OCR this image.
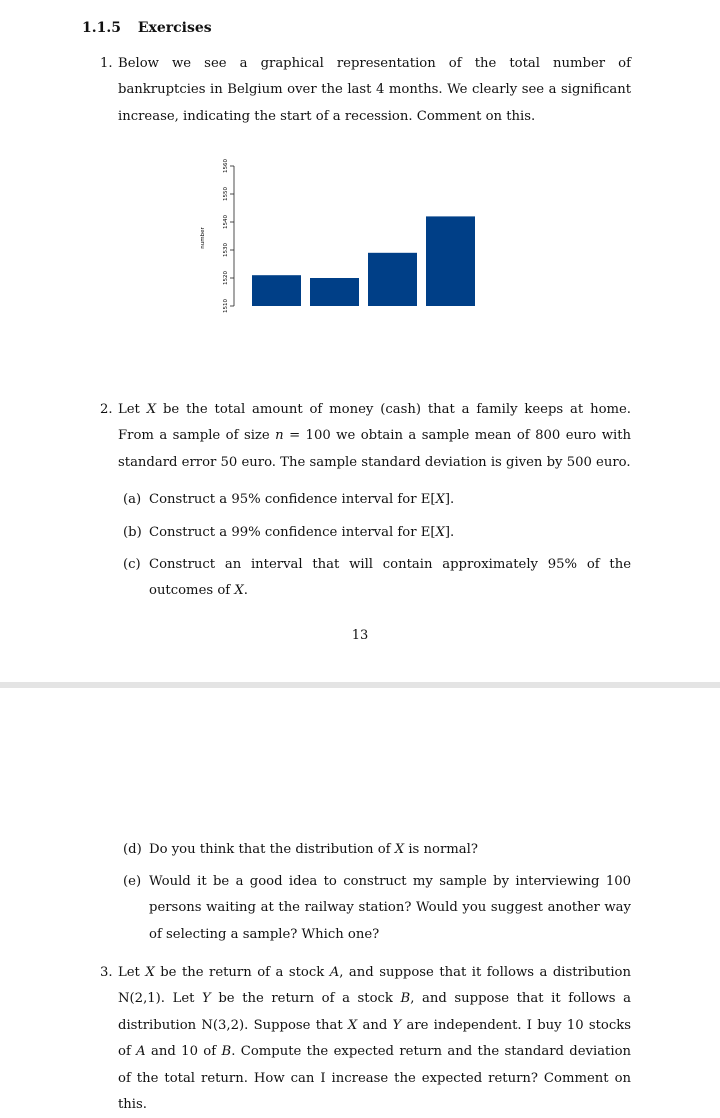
1.1.5 Exercises
1. Below we see a graphical representation of the total number of bankruptcies in Belgium over the last 4 months. We clearly see a significant increase, indicating the start of a recession. Comment on this.
number
1510
1520
1530
1540
1550
1560
2. Let X be the total amount of money (cash) that a family keeps at home. From a sample of size n = 100 we obtain a sample mean of 800 euro with standard error 50 euro. The sample standard deviation is given by 500 euro.
(a) Construct a 95% confidence interval for E[X].
(b) Construct a 99% confidence interval for E[X].
(c) Construct an interval that will contain approximately 95% of the outcomes of X.
13
(d) Do you think that the distribution of X is normal?
(e) Would it be a good idea to construct my sample by interviewing 100 persons waiting at the railway station? Would you suggest another way of selecting a sample? Which one?
3. Let X be the return of a stock A, and suppose that it follows a distribution N(2,1). Let Y be the return of a stock B, and suppose that it follows a distribution N(3,2). Suppose that X and Y are independent. I buy 10 stocks of A and 10 of B. Compute the expected return and the standard deviation of the total return. How can I increase the expected return? Comment on this.
